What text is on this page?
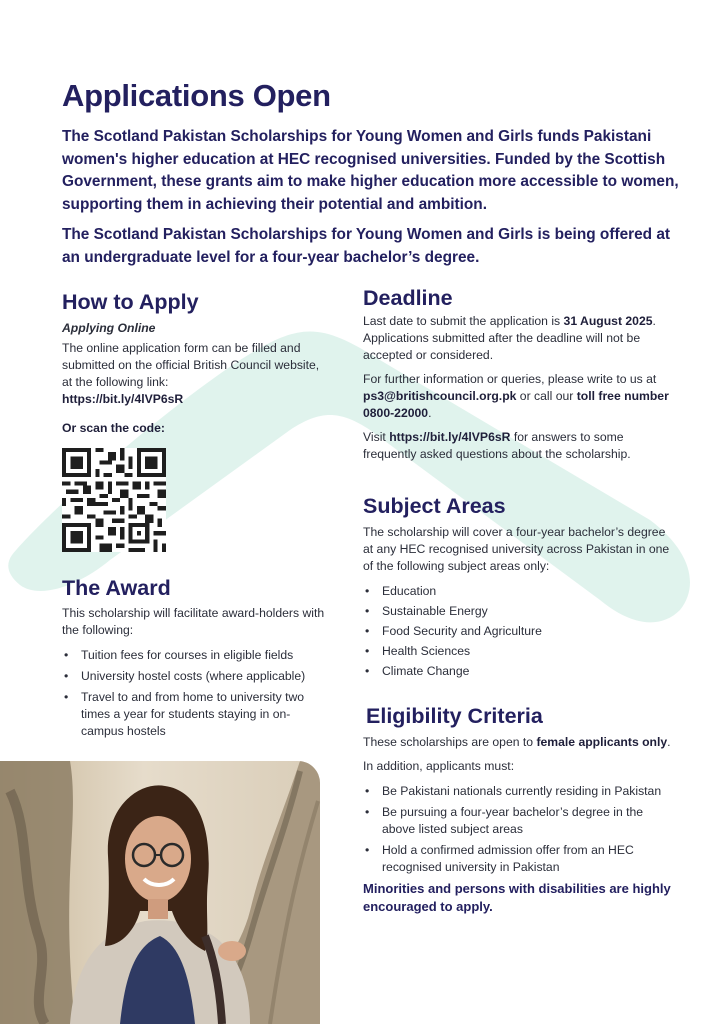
Applications Open

The Scotland Pakistan Scholarships for Young Women and Girls funds Pakistani women's higher education at HEC recognised universities. Funded by the Scottish Government, these grants aim to make higher education more accessible to women, supporting them in achieving their potential and ambition.

The Scotland Pakistan Scholarships for Young Women and Girls is being offered at an undergraduate level for a four-year bachelor’s degree.

How to Apply
Applying Online
The online application form can be filled and submitted on the official British Council website, at the following link:
https://bit.ly/4lVP6sR
Or scan the code:
The Award
This scholarship will facilitate award-holders with the following:
• Tuition fees for courses in eligible fields
• University hostel costs (where applicable)
• Travel to and from home to university two times a year for students staying in on-campus hostels
Deadline

Last date to submit the application is 31 August 2025. Applications submitted after the deadline will not be accepted or considered.

For further information or queries, please write to us at ps3@britishcouncil.org.pk or call our toll free number 0800-22000.

Visit https://bit.ly/4lVP6sR for answers to some frequently asked questions about the scholarship.

Subject Areas
The scholarship will cover a four-year bachelor’s degree at any HEC recognised university across Pakistan in one of the following subject areas only:
• Education
• Sustainable Energy
• Food Security and Agriculture
• Health Sciences
• Climate Change
Eligibility Criteria

These scholarships are open to female applicants only.

In addition, applicants must:

• Be Pakistani nationals currently residing in Pakistan
• Be pursuing a four-year bachelor’s degree in the above listed subject areas
• Hold a confirmed admission offer from an HEC recognised university in Pakistan
Minorities and persons with disabilities are highly encouraged to apply.
